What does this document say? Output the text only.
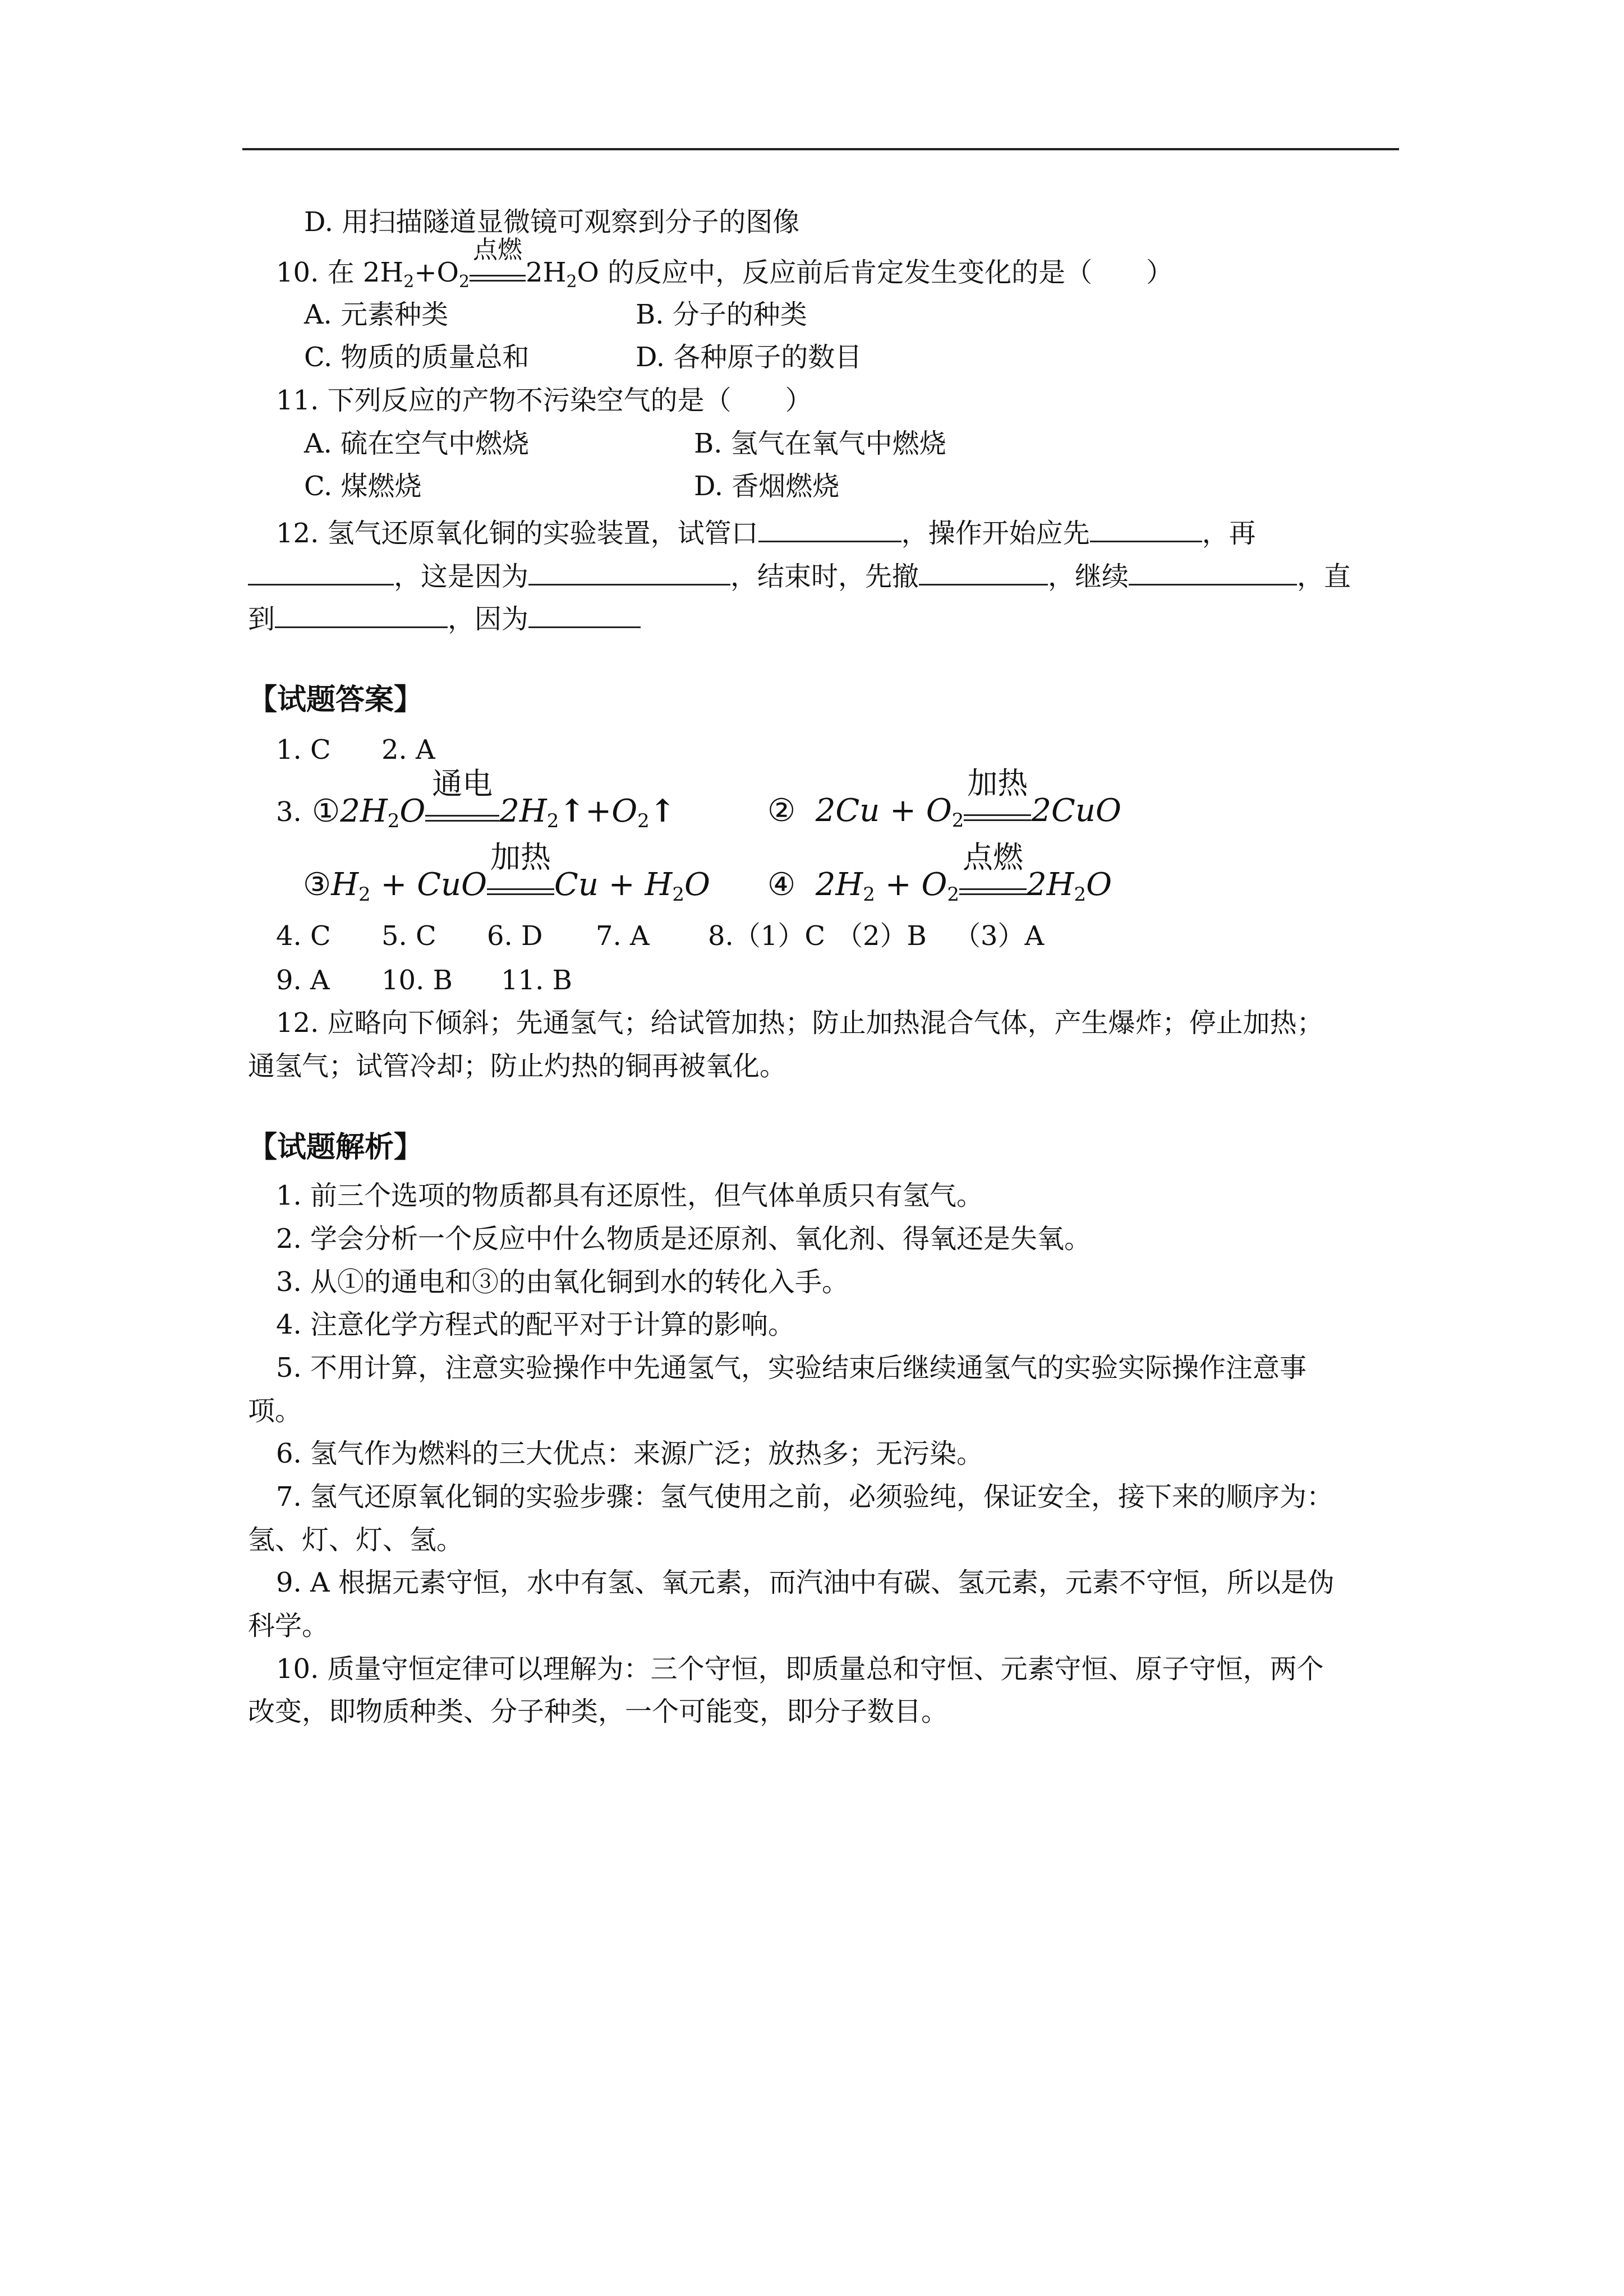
D. 用扫描隧道显微镜可观察到分子的图像
10. 在 $2H_2+O_2$
点燃
$2H_2O$ 的反应中，反应前后肯定发生变化的是（　　）
A. 元素种类	B. 分子的种类
C. 物质的质量总和	D. 各种原子的数目
11. 下列反应的产物不污染空气的是（　　）
A. 硫在空气中燃烧	B. 氢气在氧气中燃烧
C. 煤燃烧	D. 香烟燃烧
12. 氢气还原氧化铜的实验装置，试管口	，操作开始应先	，再
，这是因为	，结束时，先撤	，继续	，直
到	，因为
【试题答案】
1. C 2. A
3. $①2H_2O$
通电
$2H_2↑+O_2↑$	②  $2Cu + O_2$
加热
2CuO
$③H_2$ + CuO
加热
$Cu + H_2O$ ④  $2H_2 + O_2$
点燃
$2H_2O$
4. C 5. C 6. D 7. A 8.（1）C （2）B （3）A
9. A 10. B 11. B
12. 应略向下倾斜；先通氢气；给试管加热；防止加热混合气体，产生爆炸；停止加热；
通氢气；试管冷却；防止灼热的铜再被氧化。
【试题解析】
1. 前三个选项的物质都具有还原性，但气体单质只有氢气。
2. 学会分析一个反应中什么物质是还原剂、氧化剂、得氧还是失氧。
3. 从①的通电和③的由氧化铜到水的转化入手。
4. 注意化学方程式的配平对于计算的影响。
5. 不用计算，注意实验操作中先通氢气，实验结束后继续通氢气的实验实际操作注意事
项。
6. 氢气作为燃料的三大优点：来源广泛；放热多；无污染。
7. 氢气还原氧化铜的实验步骤：氢气使用之前，必须验纯，保证安全，接下来的顺序为：
氢、灯、灯、氢。
9. A 根据元素守恒，水中有氢、氧元素，而汽油中有碳、氢元素，元素不守恒，所以是伪
科学。
10. 质量守恒定律可以理解为：三个守恒，即质量总和守恒、元素守恒、原子守恒，两个
改变，即物质种类、分子种类，一个可能变，即分子数目。
